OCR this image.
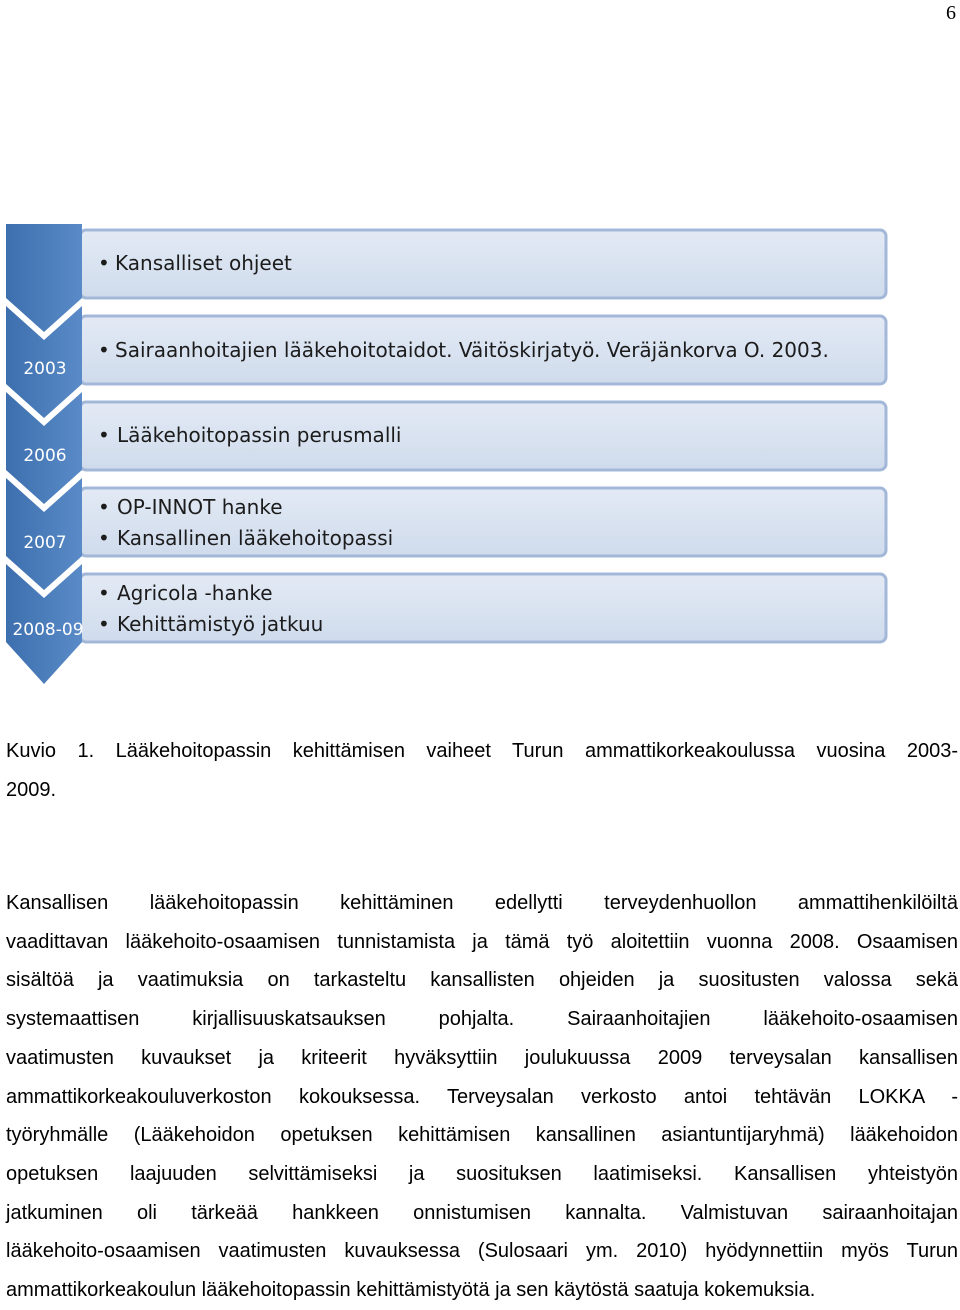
6
2003
2006
2007
2008-09
• Kansalliset ohjeet
• Sairaanhoitajien lääkehoitotaidot. Väitöskirjatyö. Veräjänkorva O. 2003.
• Lääkehoitopassin perusmalli
• OP-INNOT hanke
• Kansallinen lääkehoitopassi
• Agricola -hanke
• Kehittämistyö jatkuu
Kuvio 1. Lääkehoitopassin kehittämisen vaiheet Turun ammattikorkeakoulussa vuosina 2003-
2009.
Kansallisen lääkehoitopassin kehittäminen edellytti terveydenhuollon ammattihenkilöiltä
vaadittavan lääkehoito-osaamisen tunnistamista ja tämä työ aloitettiin vuonna 2008. Osaamisen
sisältöä ja vaatimuksia on tarkasteltu kansallisten ohjeiden ja suositusten valossa sekä
systemaattisen kirjallisuuskatsauksen pohjalta. Sairaanhoitajien lääkehoito-osaamisen
vaatimusten kuvaukset ja kriteerit hyväksyttiin joulukuussa 2009 terveysalan kansallisen
ammattikorkeakouluverkoston kokouksessa. Terveysalan verkosto antoi tehtävän LOKKA -
työryhmälle (Lääkehoidon opetuksen kehittämisen kansallinen asiantuntijaryhmä) lääkehoidon
opetuksen laajuuden selvittämiseksi ja suosituksen laatimiseksi. Kansallisen yhteistyön
jatkuminen oli tärkeää hankkeen onnistumisen kannalta. Valmistuvan sairaanhoitajan
lääkehoito-osaamisen vaatimusten kuvauksessa (Sulosaari ym. 2010) hyödynnettiin myös Turun
ammattikorkeakoulun lääkehoitopassin kehittämistyötä ja sen käytöstä saatuja kokemuksia.
